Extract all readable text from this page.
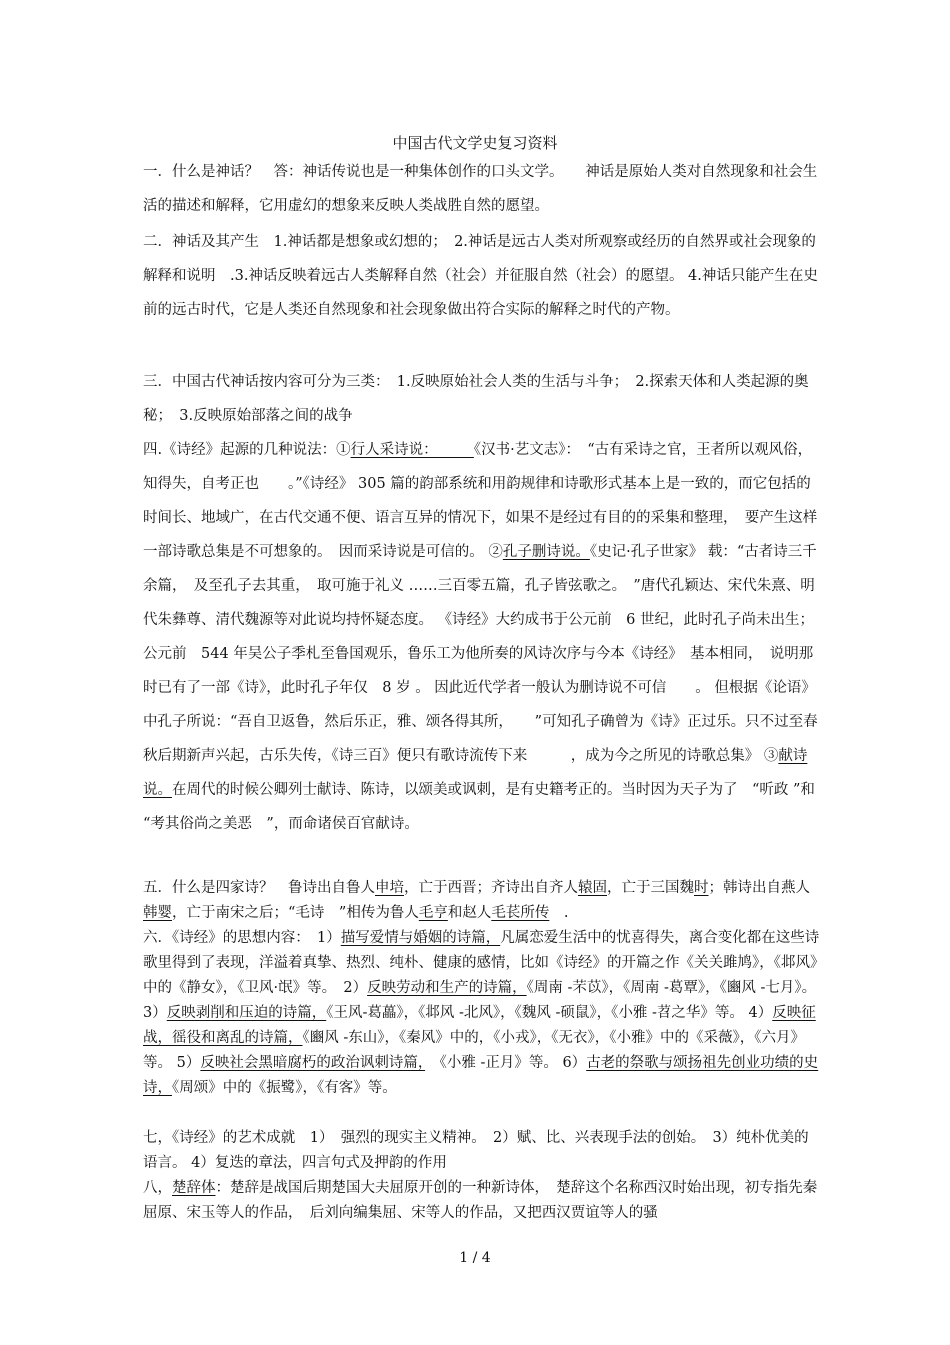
中国古代文学史复习资料

一．什么是神话？　答：神话传说也是一种集体创作的口头文学。　　神话是原始人类对自然现象和社会生活的描述和解释，它用虚幻的想象来反映人类战胜自然的愿望。

二．神话及其产生　1.神话都是想象或幻想的；　2.神话是远古人类对所观察或经历的自然界或社会现象的解释和说明　.3.神话反映着远古人类解释自然（社会）并征服自然（社会）的愿望。 4.神话只能产生在史前的远古时代，它是人类还自然现象和社会现象做出符合实际的解释之时代的产物。

三．中国古代神话按内容可分为三类：　1.反映原始社会人类的生活与斗争；　2.探索天体和人类起源的奥秘；　3.反映原始部落之间的战争

四.《诗经》起源的几种说法：①行人采诗说：　　　《汉书·艺文志》：　“古有采诗之官，王者所以观风俗，知得失，自考正也　　。”《诗经》 305 篇的韵部系统和用韵规律和诗歌形式基本上是一致的，而它包括的时间长、地域广，在古代交通不便、语言互异的情况下，如果不是经过有目的的采集和整理，　要产生这样一部诗歌总集是不可想象的。　因而采诗说是可信的。 ②孔子删诗说。《史记·孔子世家》 载：“古者诗三千余篇，　及至孔子去其重，　取可施于礼义 ……三百零五篇，孔子皆弦歌之。　”唐代孔颖达、宋代朱熹、明代朱彝尊、清代魏源等对此说均持怀疑态度。 《诗经》大约成书于公元前　6 世纪，此时孔子尚未出生；公元前　544 年吴公子季札至鲁国观乐，鲁乐工为他所奏的风诗次序与今本《诗经》　基本相同，　说明那时已有了一部《诗》，此时孔子年仅　8 岁 。 因此近代学者一般认为删诗说不可信　　。 但根据《论语》中孔子所说：“吾自卫返鲁，然后乐正，雅、颂各得其所，　　”可知孔子确曾为《诗》正过乐。只不过至春秋后期新声兴起，古乐失传，《诗三百》便只有歌诗流传下来　　　，成为今之所见的诗歌总集》 ③献诗说。在周代的时候公卿列士献诗、陈诗，以颂美或讽刺，是有史籍考正的。当时因为天子为了　“听政 ”和 “考其俗尚之美恶　”，而命诸侯百官献诗。

五．什么是四家诗？　鲁诗出自鲁人申培，亡于西晋；齐诗出自齐人辕固，亡于三国魏时；韩诗出自燕人韩婴，亡于南宋之后；“毛诗　”相传为鲁人毛亨和赵人毛苌所传　.

六．《诗经》的思想内容：　1）描写爱情与婚姻的诗篇，凡属恋爱生活中的忧喜得失，离合变化都在这些诗歌里得到了表现，洋溢着真挚、热烈、纯朴、健康的感情，比如《诗经》的开篇之作《关关雎鸠》，《邶风》中的《静女》，《卫风·氓》等。　2）反映劳动和生产的诗篇，《周南 -芣苡》，《周南 -葛覃》，《豳风 -七月》。 3）反映剥削和压迫的诗篇，《王风-葛藟》，《邶风 -北风》，《魏风 -硕鼠》，《小雅 -苕之华》等。 4）反映征战，徭役和离乱的诗篇，《豳风 -东山》，《秦风》中的，《小戎》，《无衣》，《小雅》中的《采薇》，《六月》等。 5）反映社会黑暗腐朽的政治讽刺诗篇，　《小雅 -正月》等。 6）古老的祭歌与颂扬祖先创业功绩的史诗，《周颂》中的《振鹭》，《有客》等。

七，《诗经》的艺术成就　1）　强烈的现实主义精神。　2）赋、比、兴表现手法的创始。　3）纯朴优美的语言。 4）复迭的章法，四言句式及押韵的作用

八，楚辞体：楚辞是战国后期楚国大夫屈原开创的一种新诗体，　楚辞这个名称西汉时始出现，初专指先秦屈原、宋玉等人的作品，　后刘向编集屈、宋等人的作品，又把西汉贾谊等人的骚

1 / 4
